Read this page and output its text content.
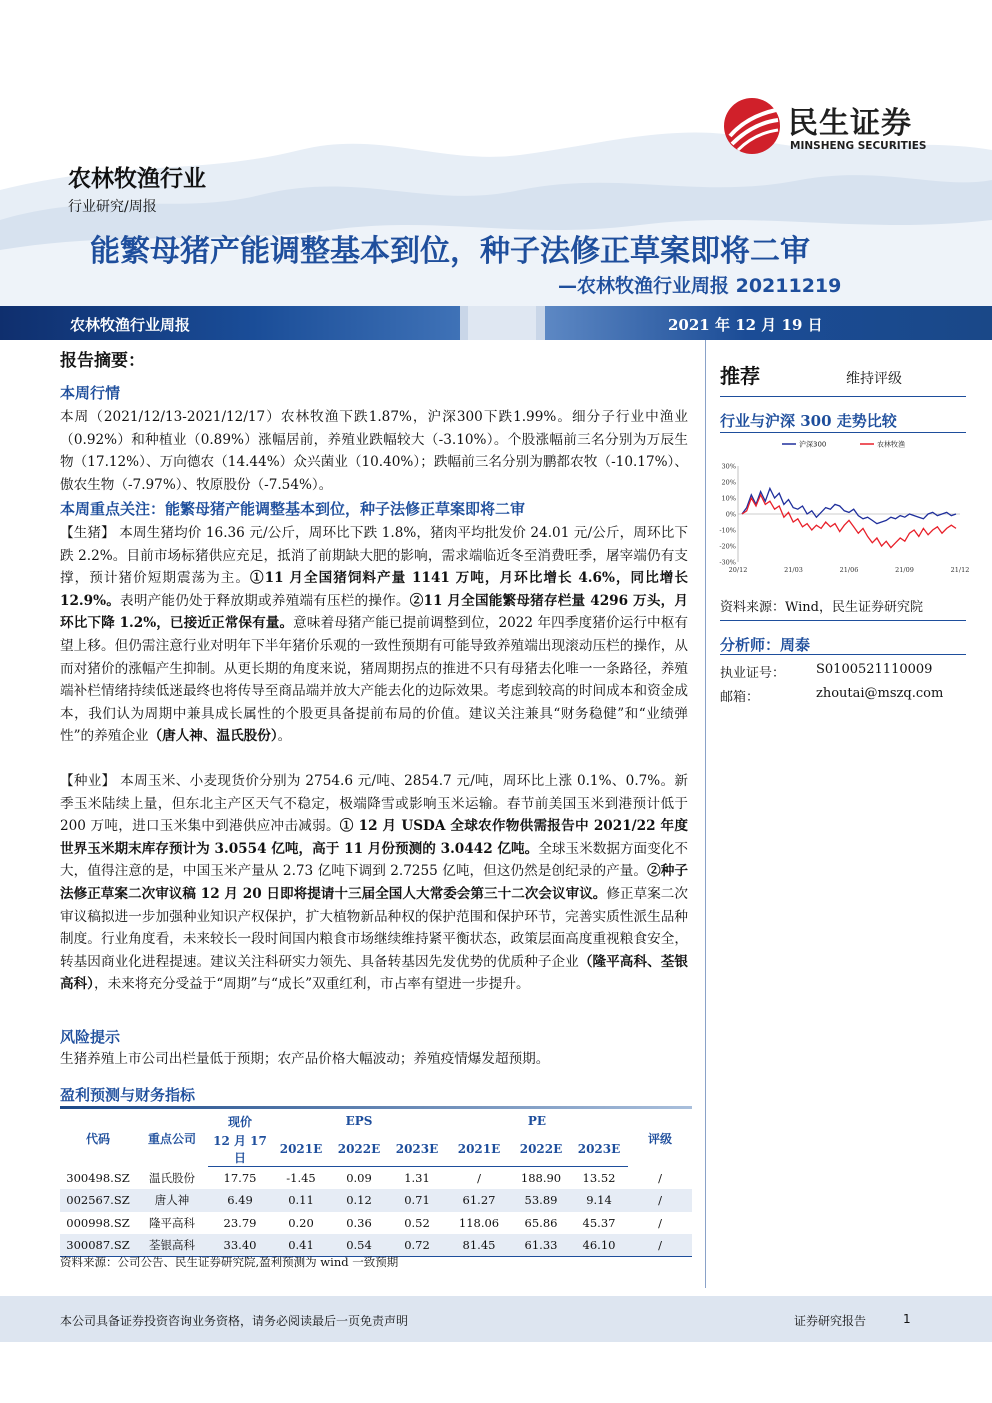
民生证券
MINSHENG SECURITIES
农林牧渔行业
行业研究/周报
能繁母猪产能调整基本到位，种子法修正草案即将二审
—农林牧渔行业周报 20211219
农林牧渔行业周报	2021 年 12 月 19 日
报告摘要：
本周行情
本周（2021/12/13-2021/12/17）农林牧渔下跌1.87%，沪深300下跌1.99%。细分子行业中渔业（0.92%）和种植业（0.89%）涨幅居前，养殖业跌幅较大（-3.10%）。个股涨幅前三名分别为万辰生物（17.12%）、万向德农（14.44%）众兴菌业（10.40%）；跌幅前三名分别为鹏都农牧（-10.17%）、傲农生物（-7.97%）、牧原股份（-7.54%）。
本周重点关注：能繁母猪产能调整基本到位，种子法修正草案即将二审
【生猪】 本周生猪均价 16.36 元/公斤，周环比下跌 1.8%，猪肉平均批发价 24.01 元/公斤，周环比下跌 2.2%。目前市场标猪供应充足，抵消了前期缺大肥的影响，需求端临近冬至消费旺季，屠宰端仍有支撑，预计猪价短期震荡为主。①11 月全国猪饲料产量 1141 万吨，月环比增长 4.6%，同比增长 12.9%。表明产能仍处于释放期或养殖端有压栏的操作。②11 月全国能繁母猪存栏量 4296 万头，月环比下降 1.2%，已接近正常保有量。意味着母猪产能已提前调整到位，2022 年四季度猪价运行中枢有望上移。但仍需注意行业对明年下半年猪价乐观的一致性预期有可能导致养殖端出现滚动压栏的操作，从而对猪价的涨幅产生抑制。从更长期的角度来说，猪周期拐点的推进不只有母猪去化唯一一条路径，养殖端补栏情绪持续低迷最终也将传导至商品端并放大产能去化的边际效果。考虑到较高的时间成本和资金成本，我们认为周期中兼具成长属性的个股更具备提前布局的价值。建议关注兼具“财务稳健”和“业绩弹性”的养殖企业（唐人神、温氏股份）。
【种业】 本周玉米、小麦现货价分别为 2754.6 元/吨、2854.7 元/吨，周环比上涨 0.1%、0.7%。新季玉米陆续上量，但东北主产区天气不稳定，极端降雪或影响玉米运输。春节前美国玉米到港预计低于 200 万吨，进口玉米集中到港供应冲击减弱。① 12 月 USDA 全球农作物供需报告中 2021/22 年度世界玉米期末库存预计为 3.0554 亿吨，高于 11 月份预测的 3.0442 亿吨。全球玉米数据方面变化不大，值得注意的是，中国玉米产量从 2.73 亿吨下调到 2.7255 亿吨，但这仍然是创纪录的产量。②种子法修正草案二次审议稿 12 月 20 日即将提请十三届全国人大常委会第三十二次会议审议。修正草案二次审议稿拟进一步加强种业知识产权保护，扩大植物新品种权的保护范围和保护环节，完善实质性派生品种制度。行业角度看，未来较长一段时间国内粮食市场继续维持紧平衡状态，政策层面高度重视粮食安全，转基因商业化进程提速。建议关注科研实力领先、具备转基因先发优势的优质种子企业（隆平高科、荃银高科），未来将充分受益于“周期”与“成长”双重红利，市占率有望进一步提升。
风险提示
生猪养殖上市公司出栏量低于预期；农产品价格大幅波动；养殖疫情爆发超预期。
推荐	维持评级
行业与沪深 300 走势比较
沪深300	农林牧渔
30%
20%
10%
0%
-10%
-20%
-30%
20/12	21/03	21/06	21/09	21/12
资料来源：Wind，民生证券研究院
分析师：周泰
执业证号： S0100521110009
邮箱：	zhoutai@mszq.com
盈利预测与财务指标
代码	重点公司	现价	EPS			PE			评级
		12 月 17 日	2021E	2022E	2023E	2021E	2022E	2023E	
300498.SZ	温氏股份	17.75	-1.45	0.09	1.31	/	188.90	13.52	/
002567.SZ	唐人神	6.49	0.11	0.12	0.71	61.27	53.89	9.14	/
000998.SZ	隆平高科	23.79	0.20	0.36	0.52	118.06	65.86	45.37	/
300087.SZ	荃银高科	33.40	0.41	0.54	0.72	81.45	61.33	46.10	/
资料来源：公司公告、民生证券研究院,盈利预测为 wind 一致预期
本公司具备证券投资咨询业务资格，请务必阅读最后一页免责声明	证券研究报告	1
